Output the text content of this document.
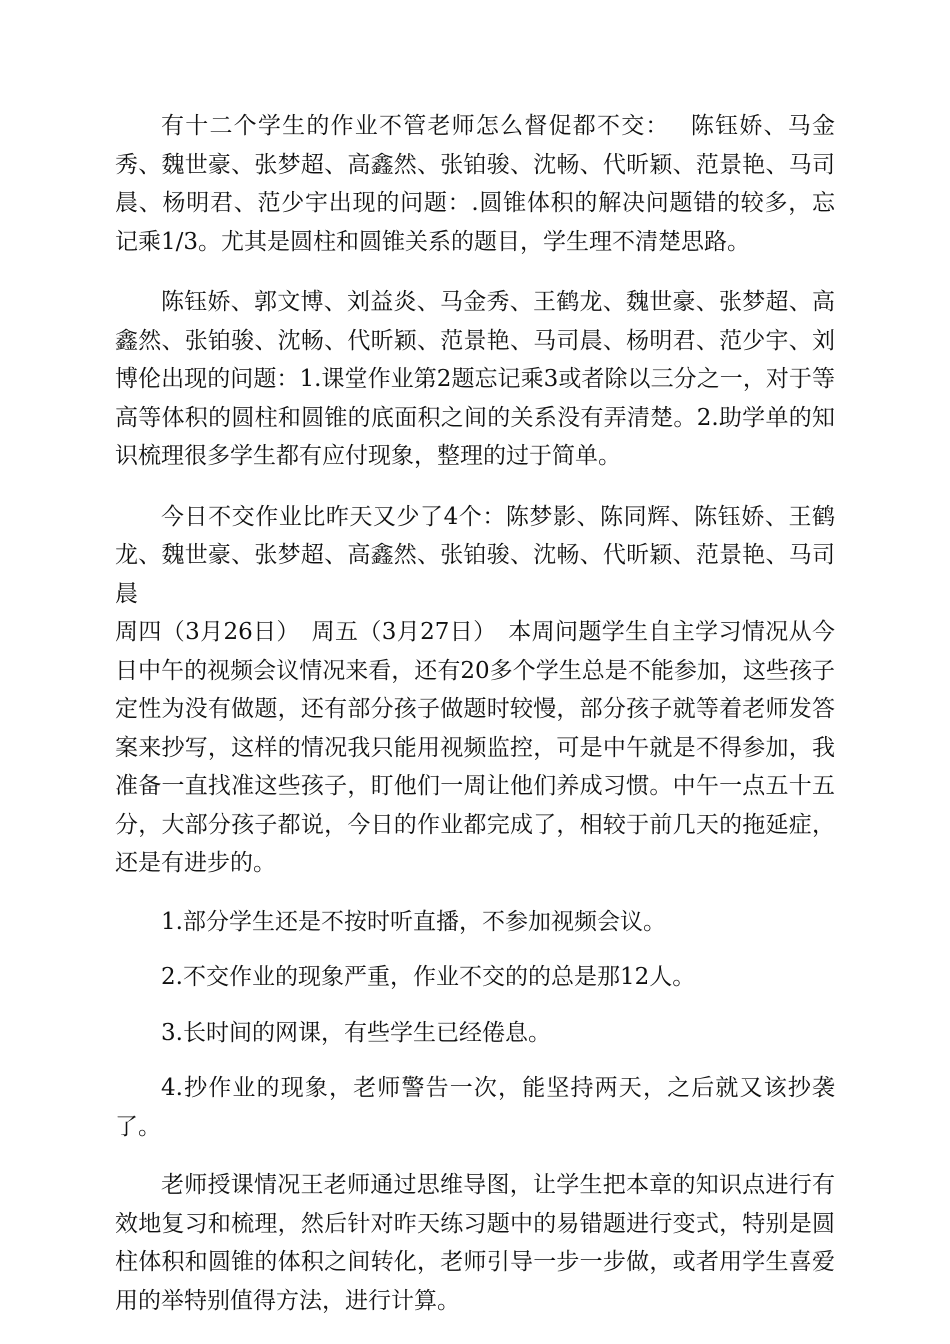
有十二个学生的作业不管老师怎么督促都不交：　 陈钰娇、马金秀、魏世豪、张梦超、高鑫然、张铂骏、沈畅、代昕颖、范景艳、马司晨、杨明君、范少宇出现的问题：.圆锥体积的解决问题错的较多，忘记乘1/3。尤其是圆柱和圆锥关系的题目，学生理不清楚思路。

陈钰娇、郭文博、刘益炎、马金秀、王鹤龙、魏世豪、张梦超、高鑫然、张铂骏、沈畅、代昕颖、范景艳、马司晨、杨明君、范少宇、刘博伦出现的问题：1.课堂作业第2题忘记乘3或者除以三分之一，对于等高等体积的圆柱和圆锥的底面积之间的关系没有弄清楚。2.助学单的知识梳理很多学生都有应付现象，整理的过于简单。

今日不交作业比昨天又少了4个：陈梦影、陈同辉、陈钰娇、王鹤龙、魏世豪、张梦超、高鑫然、张铂骏、沈畅、代昕颖、范景艳、马司晨

周四（3月26日）　周五（3月27日）　本周问题学生自主学习情况从今日中午的视频会议情况来看，还有20多个学生总是不能参加，这些孩子定性为没有做题，还有部分孩子做题时较慢，部分孩子就等着老师发答案来抄写，这样的情况我只能用视频监控，可是中午就是不得参加，我准备一直找准这些孩子，盯他们一周让他们养成习惯。中午一点五十五分，大部分孩子都说，今日的作业都完成了，相较于前几天的拖延症，还是有进步的。

1.部分学生还是不按时听直播，不参加视频会议。

2.不交作业的现象严重，作业不交的的总是那12人。

3.长时间的网课，有些学生已经倦息。

4.抄作业的现象，老师警告一次，能坚持两天，之后就又该抄袭了。

老师授课情况王老师通过思维导图，让学生把本章的知识点进行有效地复习和梳理，然后针对昨天练习题中的易错题进行变式，特别是圆柱体积和圆锥的体积之间转化，老师引导一步一步做，或者用学生喜爱用的举特别值得方法，进行计算。
